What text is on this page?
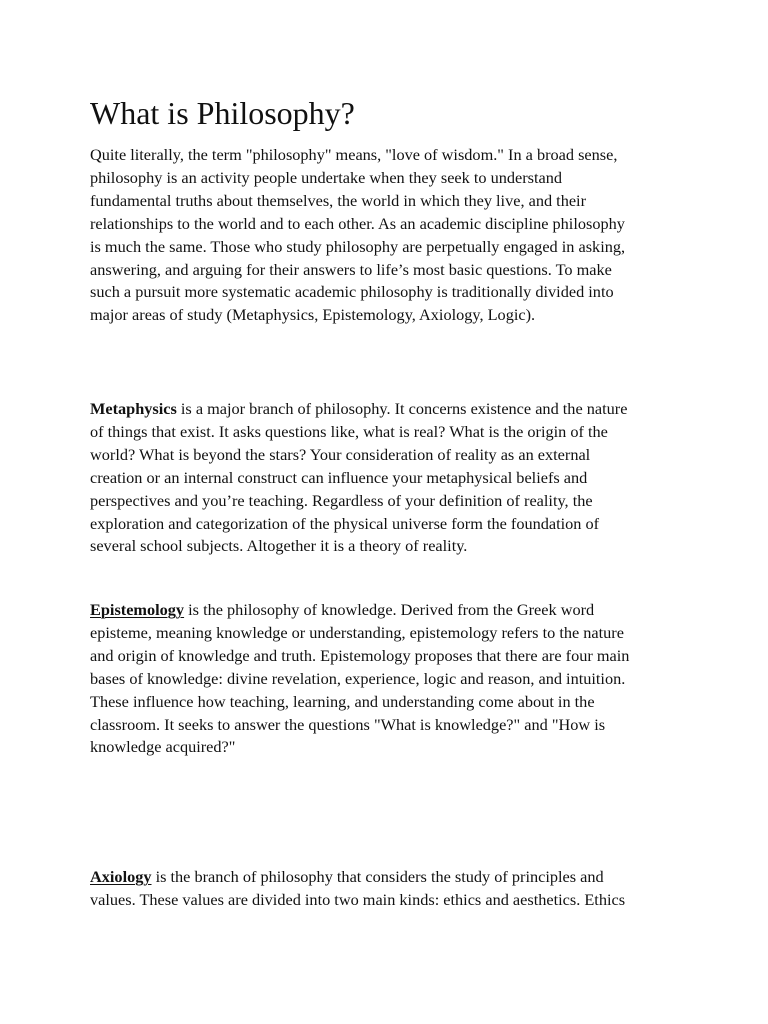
What is Philosophy?
Quite literally, the term "philosophy" means, "love of wisdom." In a broad sense,
philosophy is an activity people undertake when they seek to understand
fundamental truths about themselves, the world in which they live, and their
relationships to the world and to each other. As an academic discipline philosophy
is much the same. Those who study philosophy are perpetually engaged in asking,
answering, and arguing for their answers to life’s most basic questions. To make
such a pursuit more systematic academic philosophy is traditionally divided into
major areas of study (Metaphysics, Epistemology, Axiology, Logic).
Metaphysics is a major branch of philosophy. It concerns existence and the nature
of things that exist. It asks questions like, what is real? What is the origin of the
world? What is beyond the stars? Your consideration of reality as an external
creation or an internal construct can influence your metaphysical beliefs and
perspectives and you’re teaching. Regardless of your definition of reality, the
exploration and categorization of the physical universe form the foundation of
several school subjects. Altogether it is a theory of reality.
Epistemology is the philosophy of knowledge. Derived from the Greek word
episteme, meaning knowledge or understanding, epistemology refers to the nature
and origin of knowledge and truth. Epistemology proposes that there are four main
bases of knowledge: divine revelation, experience, logic and reason, and intuition.
These influence how teaching, learning, and understanding come about in the
classroom. It seeks to answer the questions "What is knowledge?" and "How is
knowledge acquired?"
Axiology is the branch of philosophy that considers the study of principles and
values. These values are divided into two main kinds: ethics and aesthetics. Ethics
